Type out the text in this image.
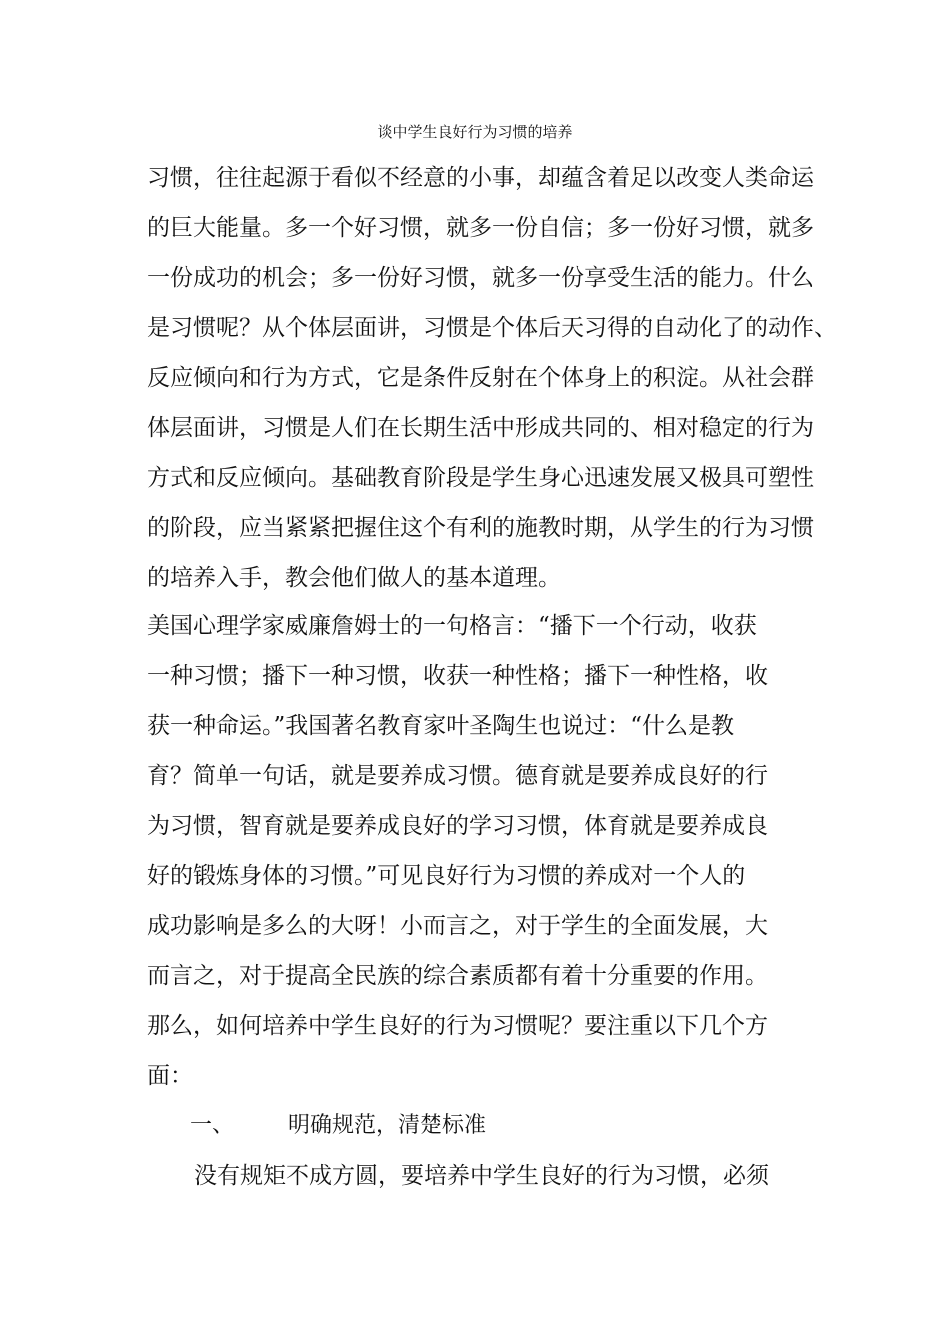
谈中学生良好行为习惯的培养
习惯，往往起源于看似不经意的小事，却蕴含着足以改变人类命运
的巨大能量。多一个好习惯，就多一份自信；多一份好习惯，就多
一份成功的机会；多一份好习惯，就多一份享受生活的能力。什么
是习惯呢？从个体层面讲，习惯是个体后天习得的自动化了的动作、
反应倾向和行为方式，它是条件反射在个体身上的积淀。从社会群
体层面讲，习惯是人们在长期生活中形成共同的、相对稳定的行为
方式和反应倾向。基础教育阶段是学生身心迅速发展又极具可塑性
的阶段，应当紧紧把握住这个有利的施教时期，从学生的行为习惯
的培养入手，教会他们做人的基本道理。
美国心理学家威廉詹姆士的一句格言：“播下一个行动，收获
一种习惯；播下一种习惯，收获一种性格；播下一种性格，收
获一种命运。”我国著名教育家叶圣陶生也说过：“什么是教
育？简单一句话，就是要养成习惯。德育就是要养成良好的行
为习惯，智育就是要养成良好的学习习惯，体育就是要养成良
好的锻炼身体的习惯。”可见良好行为习惯的养成对一个人的
成功影响是多么的大呀！小而言之，对于学生的全面发展，大
而言之，对于提高全民族的综合素质都有着十分重要的作用。
那么，如何培养中学生良好的行为习惯呢？要注重以下几个方
面：
一、 明确规范，清楚标准
没有规矩不成方圆，要培养中学生良好的行为习惯，必须
